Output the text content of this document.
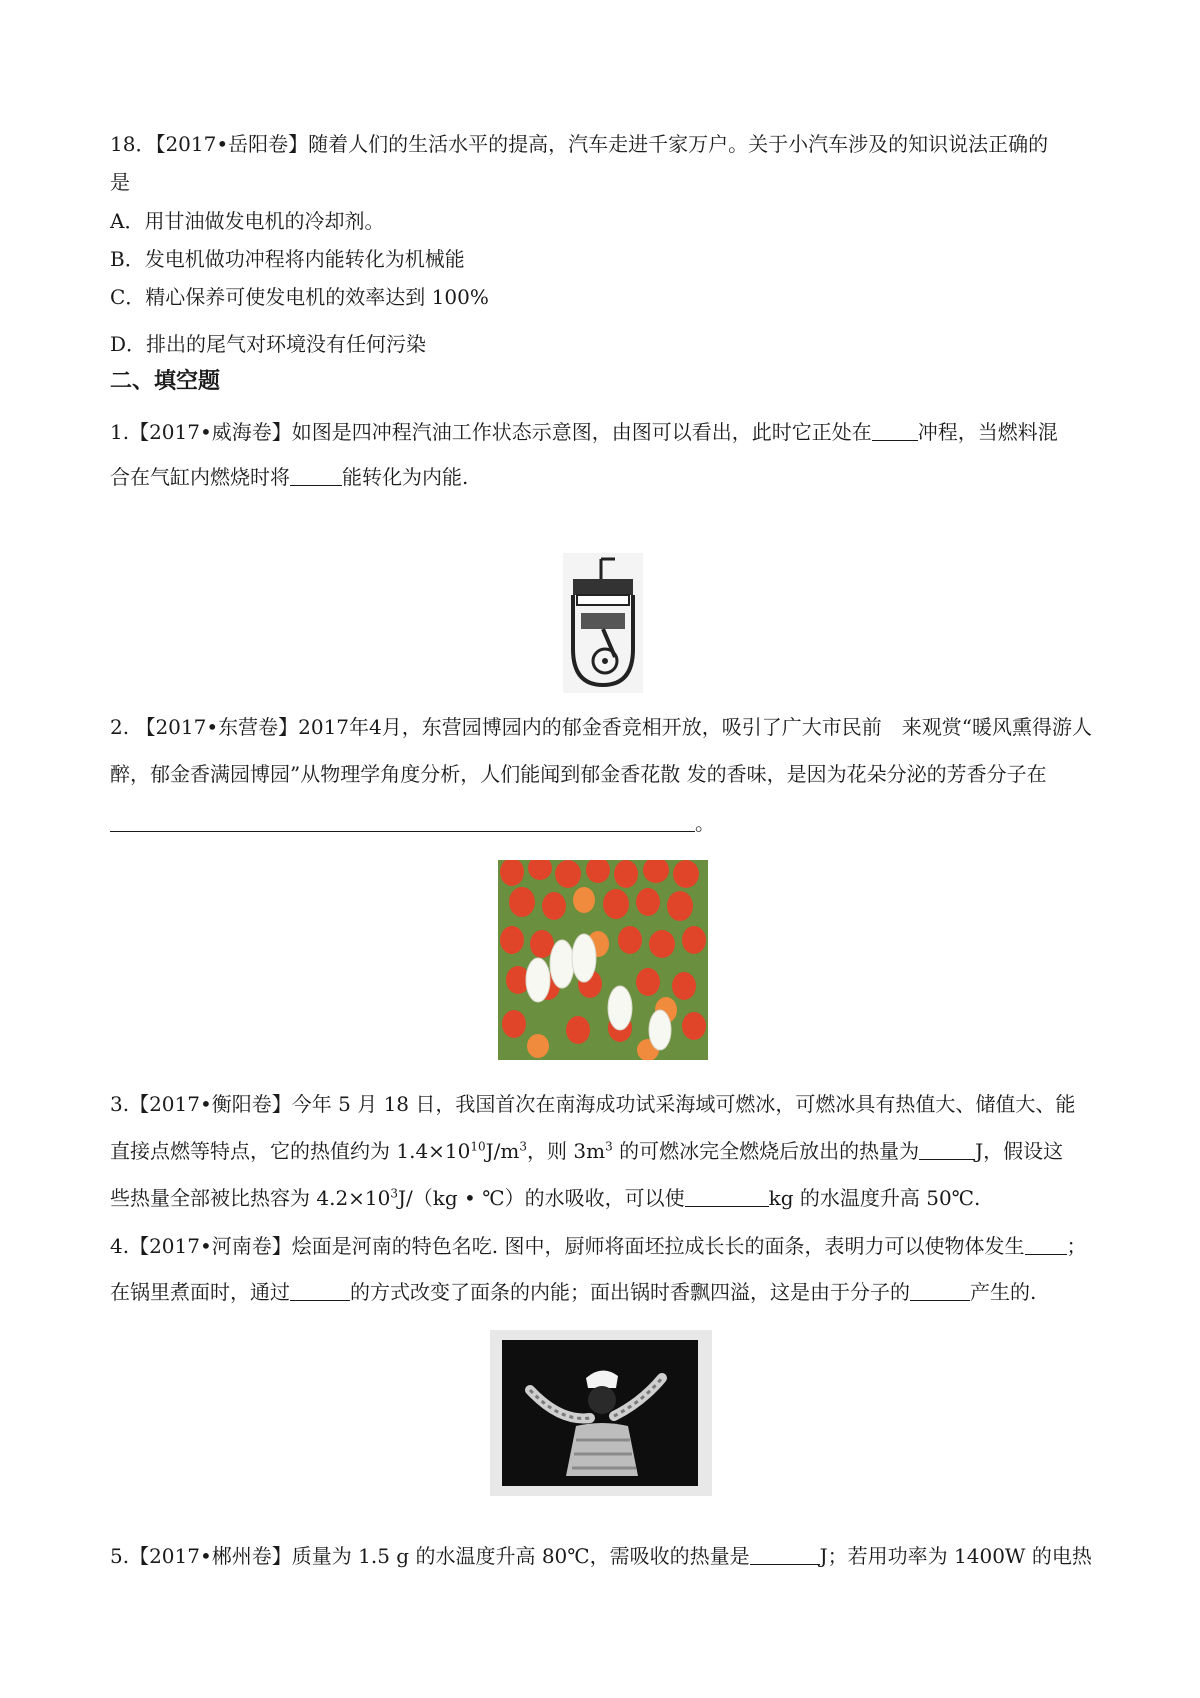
18．【2017•岳阳卷】随着人们的生活水平的提高，汽车走进千家万户。关于小汽车涉及的知识说法正确的
是
A．用甘油做发电机的冷却剂。
B．发电机做功冲程将内能转化为机械能
C．精心保养可使发电机的效率达到 100%
D．排出的尾气对环境没有任何污染
二、填空题
1.【2017•威海卷】如图是四冲程汽油工作状态示意图，由图可以看出，此时它正处在 冲程，当燃料混
合在气缸内燃烧时将	能转化为内能.
2. 【2017•东营卷】2017年4月，东营园博园内的郁金香竞相开放，吸引了广大市民前　来观赏“暖风熏得游人
醉，郁金香满园博园”从物理学角度分析，人们能闻到郁金香花散 发的香味，是因为花朵分泌的芳香分子在
。
3.【2017•衡阳卷】今年 5 月 18 日，我国首次在南海成功试采海域可燃冰，可燃冰具有热值大、储值大、能
直接点燃等特点，它的热值约为 $1.4\times 10^{10}J/m^3$，则 $3m^3$ 的可燃冰完全燃烧后放出的热量为	J，假设这
些热量全部被比热容为 $4.2\times 10^3J/(kg$ • ℃）的水吸收，可以使	kg 的水温度升高 50℃.
4.【2017•河南卷】烩面是河南的特色名吃. 图中，厨师将面坯拉成长长的面条，表明力可以使物体发生 ；
在锅里煮面时，通过	的方式改变了面条的内能；面出锅时香飘四溢，这是由于分子的	产生的.
5.【2017•郴州卷】质量为 1.5 g 的水温度升高 80℃，需吸收的热量是	J；若用功率为 1400W 的电热
